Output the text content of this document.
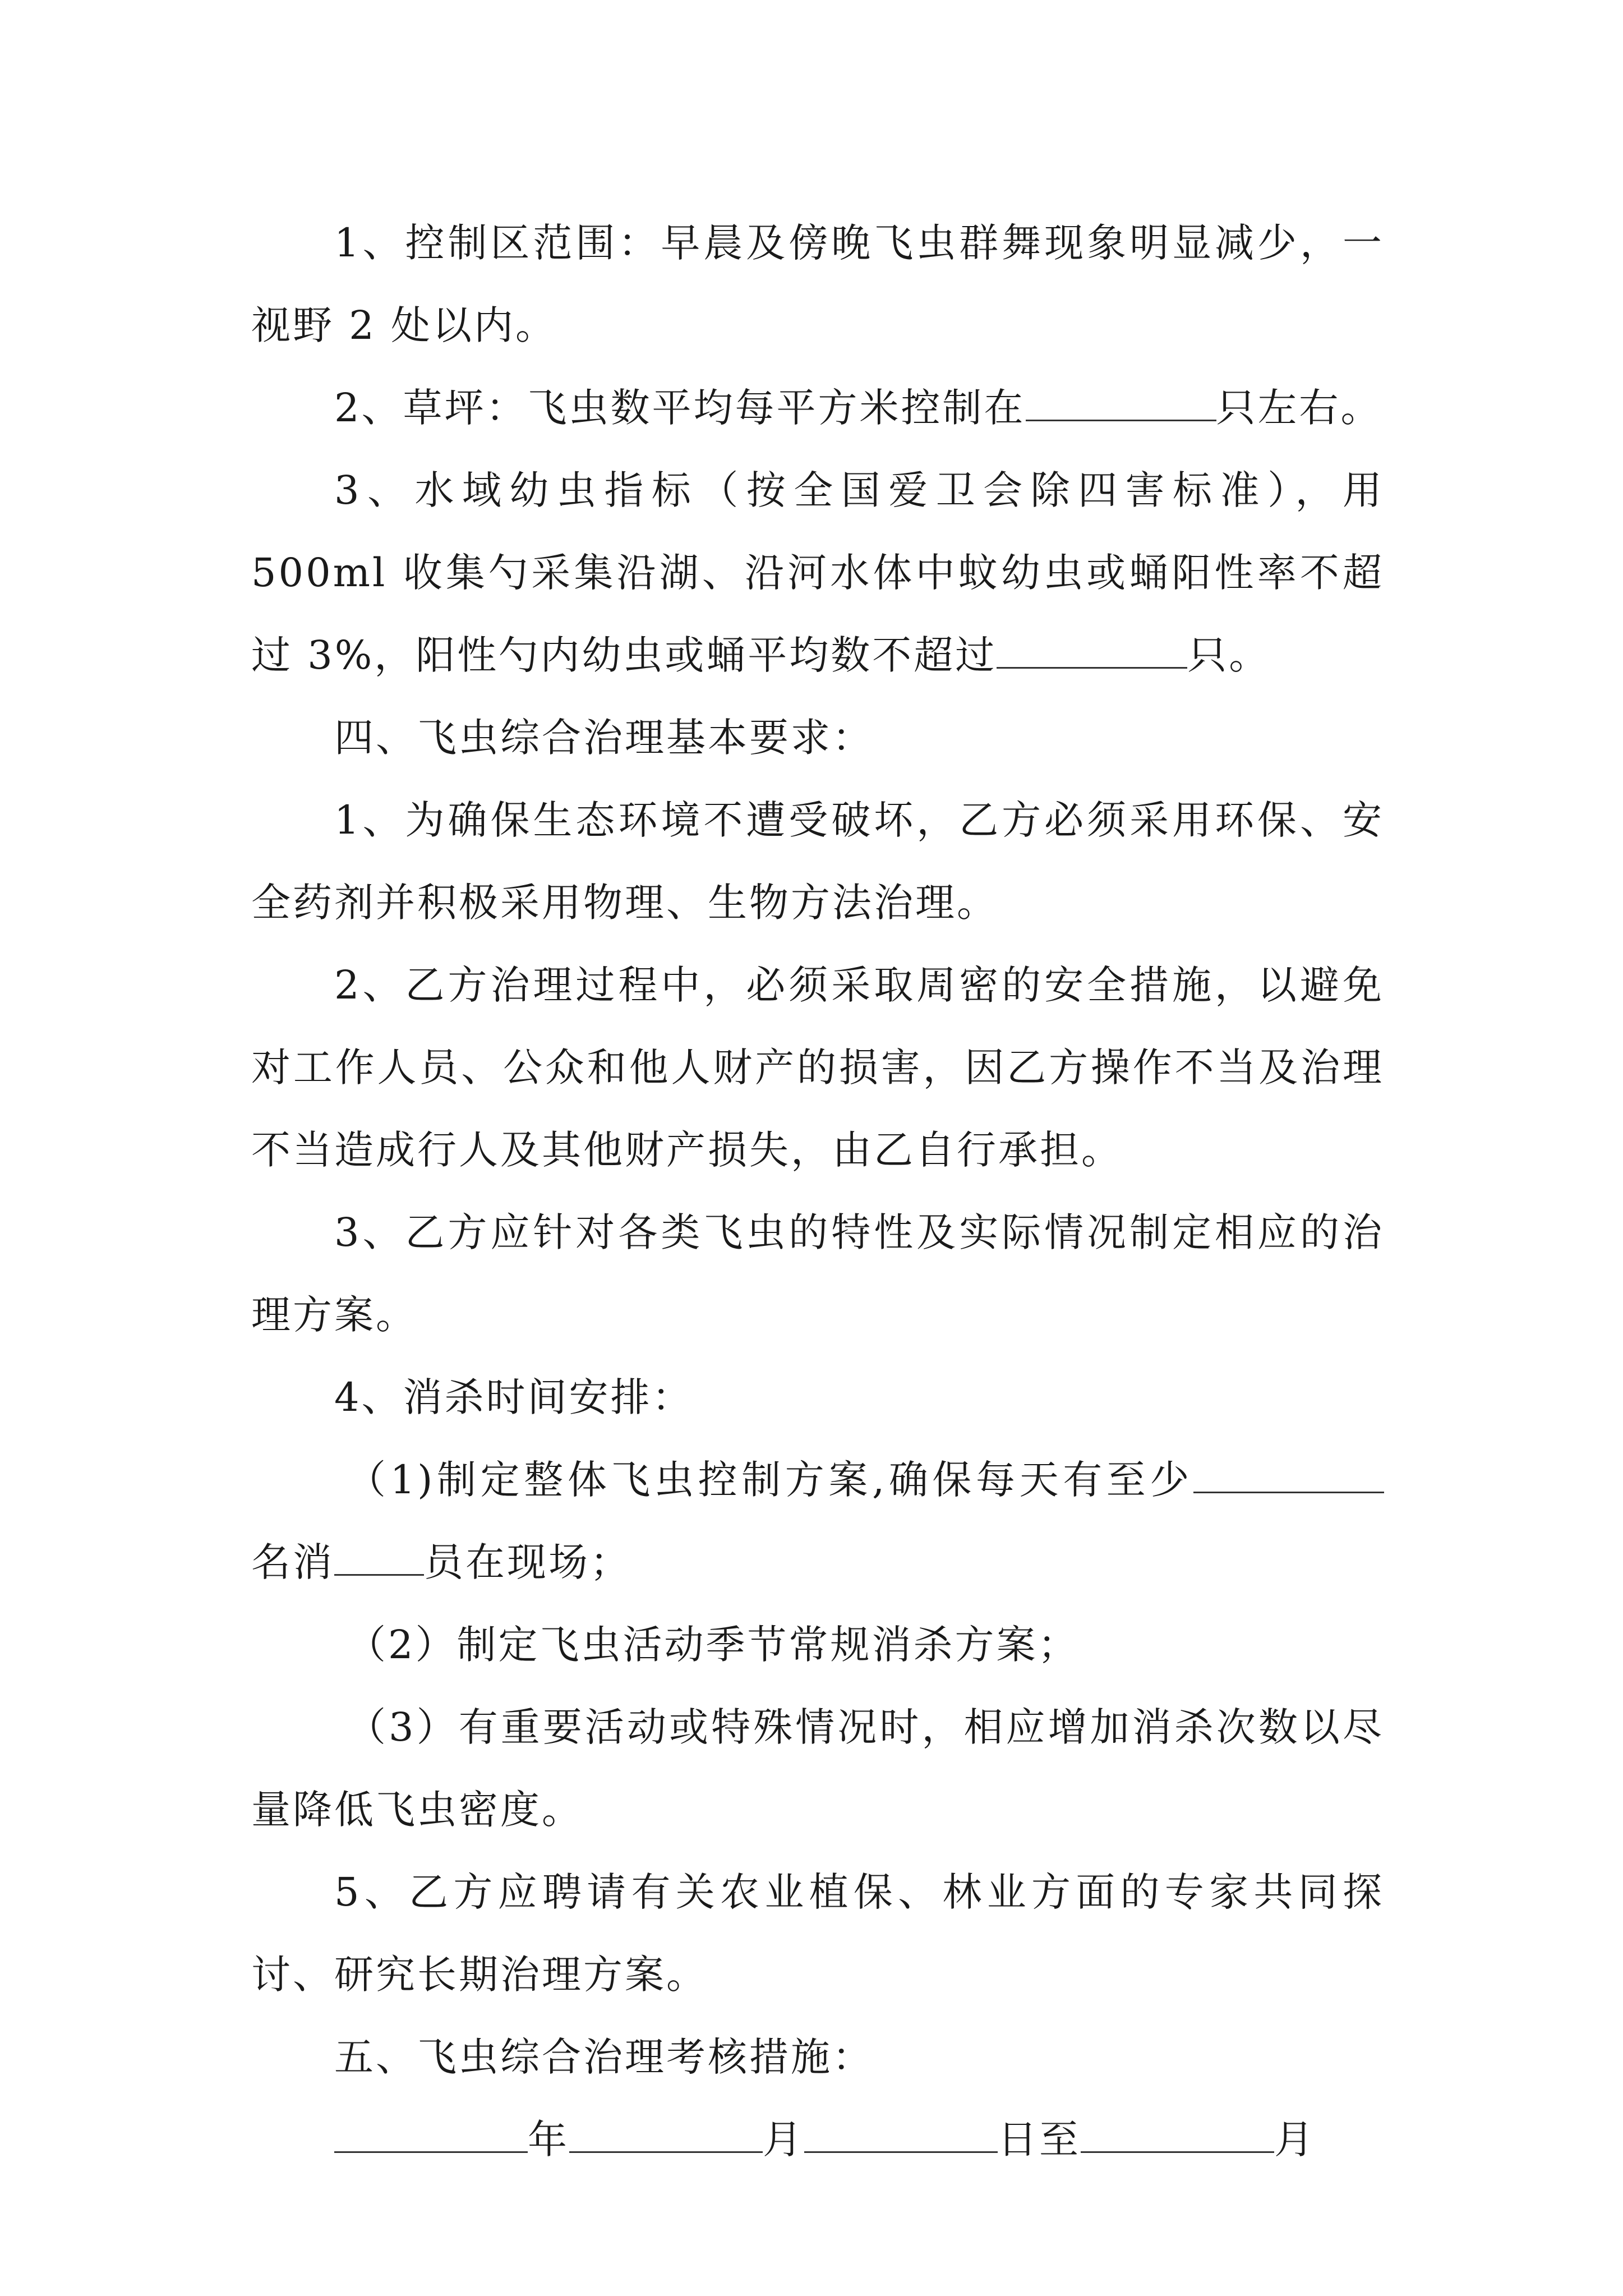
1、控制区范围：早晨及傍晚飞虫群舞现象明显减少，一视野 2 处以内。

2、草坪：飞虫数平均每平方米控制在	只左右。

3、水域幼虫指标（按全国爱卫会除四害标准），用 500ml 收集勺采集沿湖、沿河水体中蚊幼虫或蛹阳性率不超过 3%，阳性勺内幼虫或蛹平均数不超过	只。

四、飞虫综合治理基本要求：

1、为确保生态环境不遭受破坏，乙方必须采用环保、安全药剂并积极采用物理、生物方法治理。

2、乙方治理过程中，必须采取周密的安全措施，以避免对工作人员、公众和他人财产的损害，因乙方操作不当及治理不当造成行人及其他财产损失，由乙自行承担。

3、乙方应针对各类飞虫的特性及实际情况制定相应的治理方案。

4、消杀时间安排：

（1)制定整体飞虫控制方案,确保每天有至少名消 员在现场；

（2）制定飞虫活动季节常规消杀方案；

（3）有重要活动或特殊情况时，相应增加消杀次数以尽量降低飞虫密度。

5、乙方应聘请有关农业植保、林业方面的专家共同探讨、研究长期治理方案。

五、飞虫综合治理考核措施：

年	月	日至	月
